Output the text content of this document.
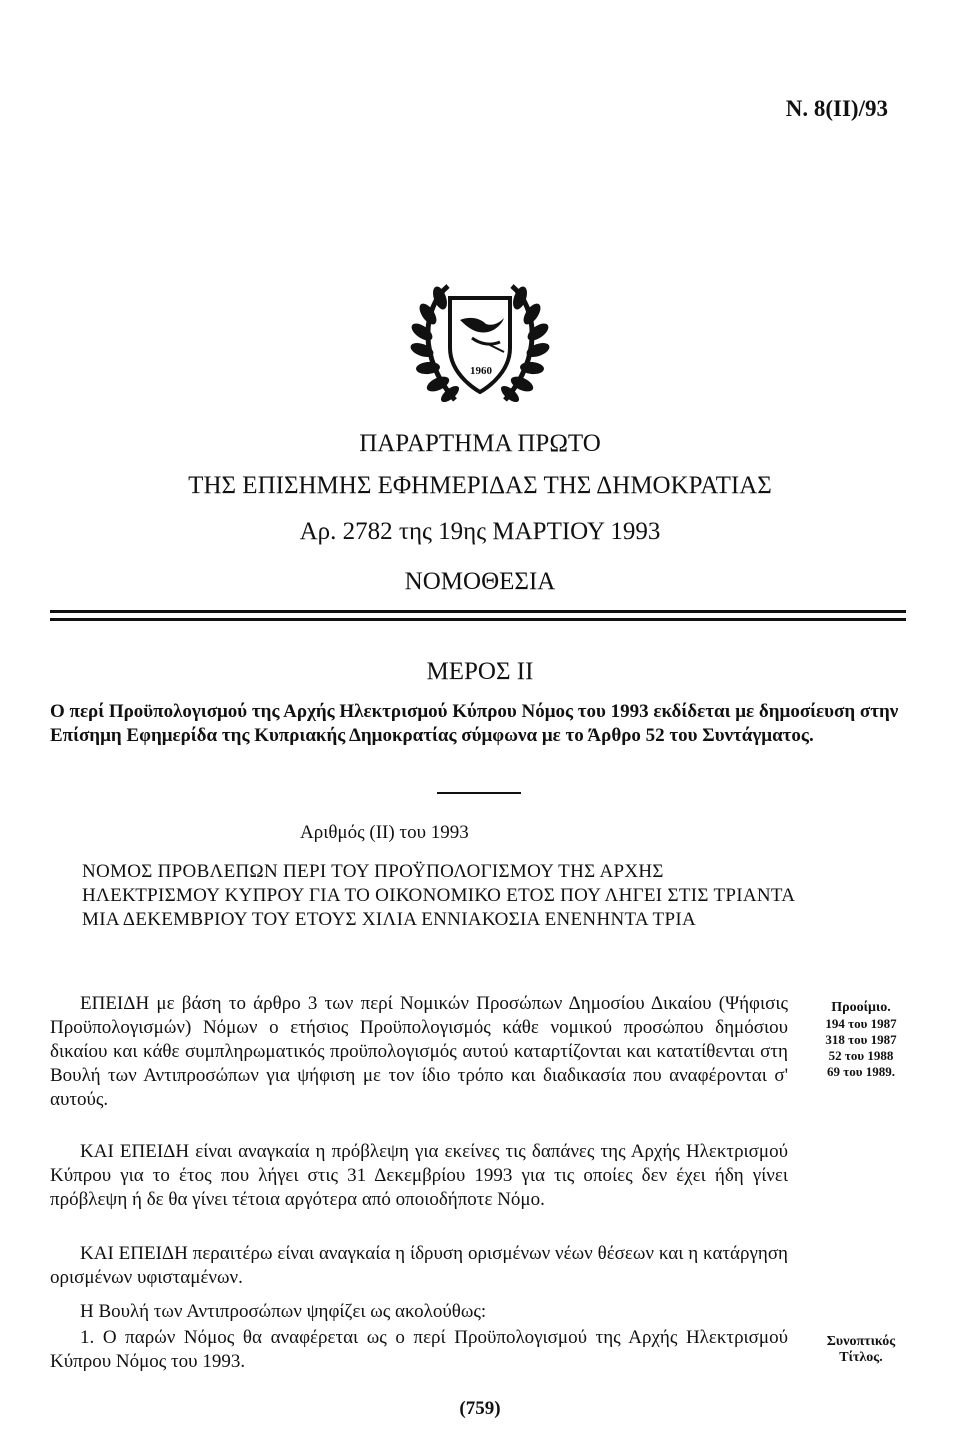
Ν. 8(ΙΙ)/93
1960
ΠΑΡΑΡΤΗΜΑ ΠΡΩΤΟ
ΤΗΣ ΕΠΙΣΗΜΗΣ ΕΦΗΜΕΡΙΔΑΣ ΤΗΣ ΔΗΜΟΚΡΑΤΙΑΣ
Αρ. 2782 της 19ης ΜΑΡΤΙΟΥ 1993
ΝΟΜΟΘΕΣΙΑ
ΜΕΡΟΣ ΙΙ
Ο περί Προϋπολογισμού της Αρχής Ηλεκτρισμού Κύπρου Νόμος του 1993 εκδίδεται με δημοσίευση στην Επίσημη Εφημερίδα της Κυπριακής Δημοκρατίας σύμφωνα με το Άρθρο 52 του Συντάγματος.
Αριθμός (ΙΙ) του 1993
ΝΟΜΟΣ ΠΡΟΒΛΕΠΩΝ ΠΕΡΙ ΤΟΥ ΠΡΟΫΠΟΛΟΓΙΣΜΟΥ ΤΗΣ ΑΡΧΗΣ ΗΛΕΚΤΡΙΣΜΟΥ ΚΥΠΡΟΥ ΓΙΑ ΤΟ ΟΙΚΟΝΟΜΙΚΟ ΕΤΟΣ ΠΟΥ ΛΗΓΕΙ ΣΤΙΣ ΤΡΙΑΝΤΑ ΜΙΑ ΔΕΚΕΜΒΡΙΟΥ ΤΟΥ ΕΤΟΥΣ ΧΙΛΙΑ ΕΝΝΙΑΚΟΣΙΑ ΕΝΕΝΗΝΤΑ ΤΡΙΑ

ΕΠΕΙΔΗ με βάση το άρθρο 3 των περί Νομικών Προσώπων Δημοσίου Δικαίου (Ψήφισις Προϋπολογισμών) Νόμων ο ετήσιος Προϋπολογισμός κάθε νομικού προσώπου δημόσιου δικαίου και κάθε συμπληρωματικός προϋπολογισμός αυτού καταρτίζονται και κατατίθενται στη Βουλή των Αντιπροσώπων για ψήφιση με τον ίδιο τρόπο και διαδικασία που αναφέρονται σ' αυτούς.

ΚΑΙ ΕΠΕΙΔΗ είναι αναγκαία η πρόβλεψη για εκείνες τις δαπάνες της Αρχής Ηλεκτρισμού Κύπρου για το έτος που λήγει στις 31 Δεκεμβρίου 1993 για τις οποίες δεν έχει ήδη γίνει πρόβλεψη ή δε θα γίνει τέτοια αργότερα από οποιοδήποτε Νόμο.

ΚΑΙ ΕΠΕΙΔΗ περαιτέρω είναι αναγκαία η ίδρυση ορισμένων νέων θέσεων και η κατάργηση ορισμένων υφισταμένων.

Η Βουλή των Αντιπροσώπων ψηφίζει ως ακολούθως:

1. Ο παρών Νόμος θα αναφέρεται ως ο περί Προϋπολογισμού της Αρχής Ηλεκτρισμού Κύπρου Νόμος του 1993.

Προοίμιο.
194 του 1987
318 του 1987
52 του 1988
69 του 1989.
Συνοπτικός
Τίτλος.
(759)
